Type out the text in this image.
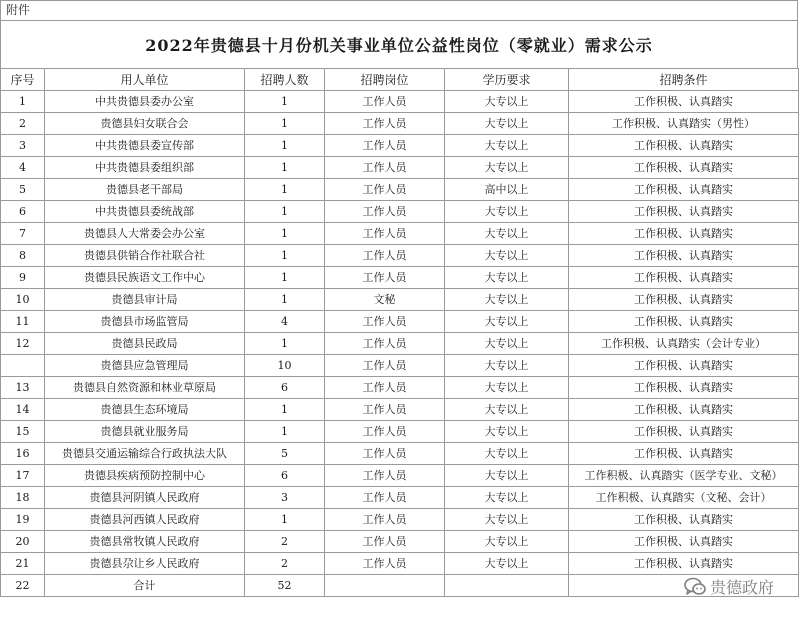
附件
2022年贵德县十月份机关事业单位公益性岗位（零就业）需求公示
序号	用人单位	招聘人数	招聘岗位	学历要求	招聘条件
1	中共贵德县委办公室	1	工作人员	大专以上	工作积极、认真踏实
2	贵德县妇女联合会	1	工作人员	大专以上	工作积极、认真踏实（男性）
3	中共贵德县委宣传部	1	工作人员	大专以上	工作积极、认真踏实
4	中共贵德县委组织部	1	工作人员	大专以上	工作积极、认真踏实
5	贵德县老干部局	1	工作人员	高中以上	工作积极、认真踏实
6	中共贵德县委统战部	1	工作人员	大专以上	工作积极、认真踏实
7	贵德县人大常委会办公室	1	工作人员	大专以上	工作积极、认真踏实
8	贵德县供销合作社联合社	1	工作人员	大专以上	工作积极、认真踏实
9	贵德县民族语文工作中心	1	工作人员	大专以上	工作积极、认真踏实
10	贵德县审计局	1	文秘	大专以上	工作积极、认真踏实
11	贵德县市场监管局	4	工作人员	大专以上	工作积极、认真踏实
12	贵德县民政局	1	工作人员	大专以上	工作积极、认真踏实（会计专业）
	贵德县应急管理局	10	工作人员	大专以上	工作积极、认真踏实
13	贵德县自然资源和林业草原局	6	工作人员	大专以上	工作积极、认真踏实
14	贵德县生态环境局	1	工作人员	大专以上	工作积极、认真踏实
15	贵德县就业服务局	1	工作人员	大专以上	工作积极、认真踏实
16	贵德县交通运输综合行政执法大队	5	工作人员	大专以上	工作积极、认真踏实
17	贵德县疾病预防控制中心	6	工作人员	大专以上	工作积极、认真踏实（医学专业、文秘）
18	贵德县河阴镇人民政府	3	工作人员	大专以上	工作积极、认真踏实（文秘、会计）
19	贵德县河西镇人民政府	1	工作人员	大专以上	工作积极、认真踏实
20	贵德县常牧镇人民政府	2	工作人员	大专以上	工作积极、认真踏实
21	贵德县尕让乡人民政府	2	工作人员	大专以上	工作积极、认真踏实
22	合计	52				贵德政府
